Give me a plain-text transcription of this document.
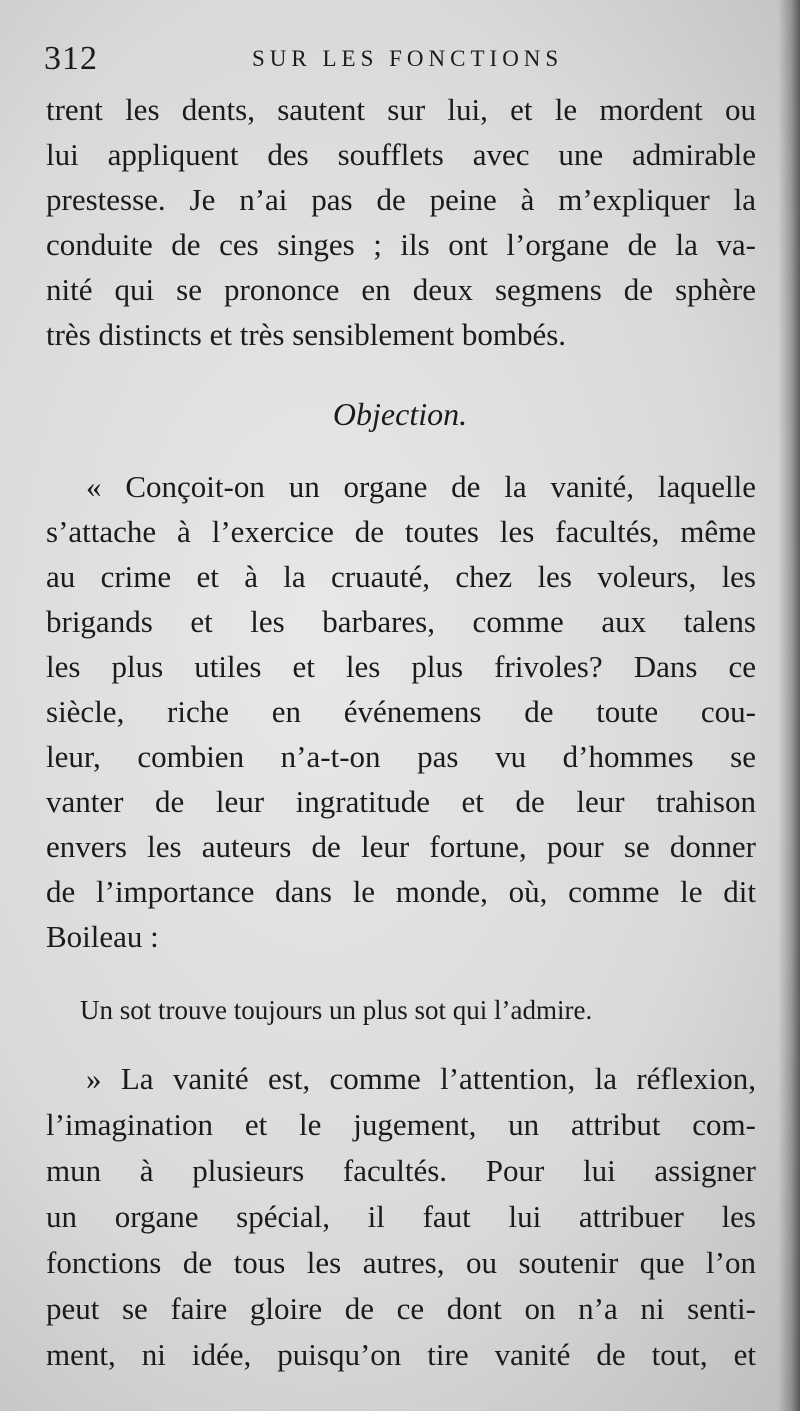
312	SUR LES FONCTIONS
trent les dents, sautent sur lui, et le mordent ou
lui appliquent des soufflets avec une admirable
prestesse. Je n’ai pas de peine à m’expliquer la
conduite de ces singes ; ils ont l’organe de la va-
nité qui se prononce en deux segmens de sphère
très distincts et très sensiblement bombés.
Objection.
« Conçoit-on un organe de la vanité, laquelle
s’attache à l’exercice de toutes les facultés, même
au crime et à la cruauté, chez les voleurs, les
brigands et les barbares, comme aux talens
les plus utiles et les plus frivoles? Dans ce
siècle, riche en événemens de toute cou-
leur, combien n’a-t-on pas vu d’hommes se
vanter de leur ingratitude et de leur trahison
envers les auteurs de leur fortune, pour se donner
de l’importance dans le monde, où, comme le dit
Boileau :
Un sot trouve toujours un plus sot qui l’admire.
» La vanité est, comme l’attention, la réflexion,
l’imagination et le jugement, un attribut com-
mun à plusieurs facultés. Pour lui assigner
un organe spécial, il faut lui attribuer les
fonctions de tous les autres, ou soutenir que l’on
peut se faire gloire de ce dont on n’a ni senti-
ment, ni idée, puisqu’on tire vanité de tout, et
